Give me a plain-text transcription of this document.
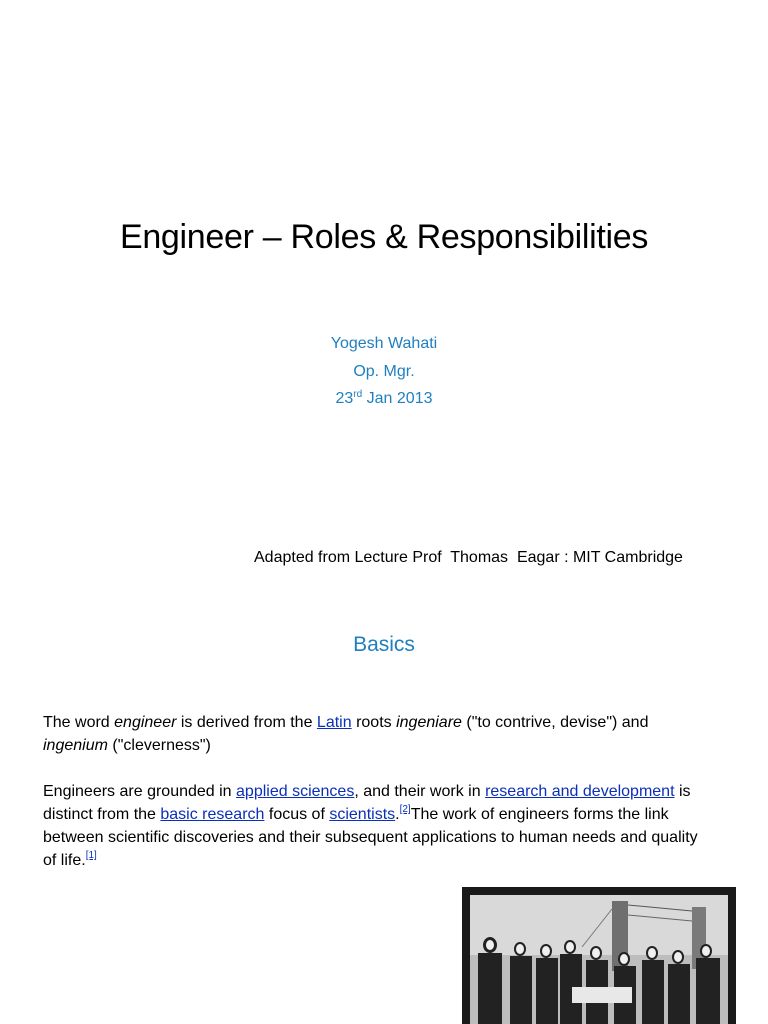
Engineer – Roles & Responsibilities
Yogesh Wahati
Op. Mgr.
23rd Jan 2013
Adapted from Lecture Prof  Thomas  Eagar : MIT Cambridge
Basics
The word engineer is derived from the Latin roots ingeniare ("to contrive, devise") and ingenium ("cleverness")
Engineers are grounded in applied sciences, and their work in research and development is distinct from the basic research focus of scientists.[2]The work of engineers forms the link between scientific discoveries and their subsequent applications to human needs and quality of life.[1]
